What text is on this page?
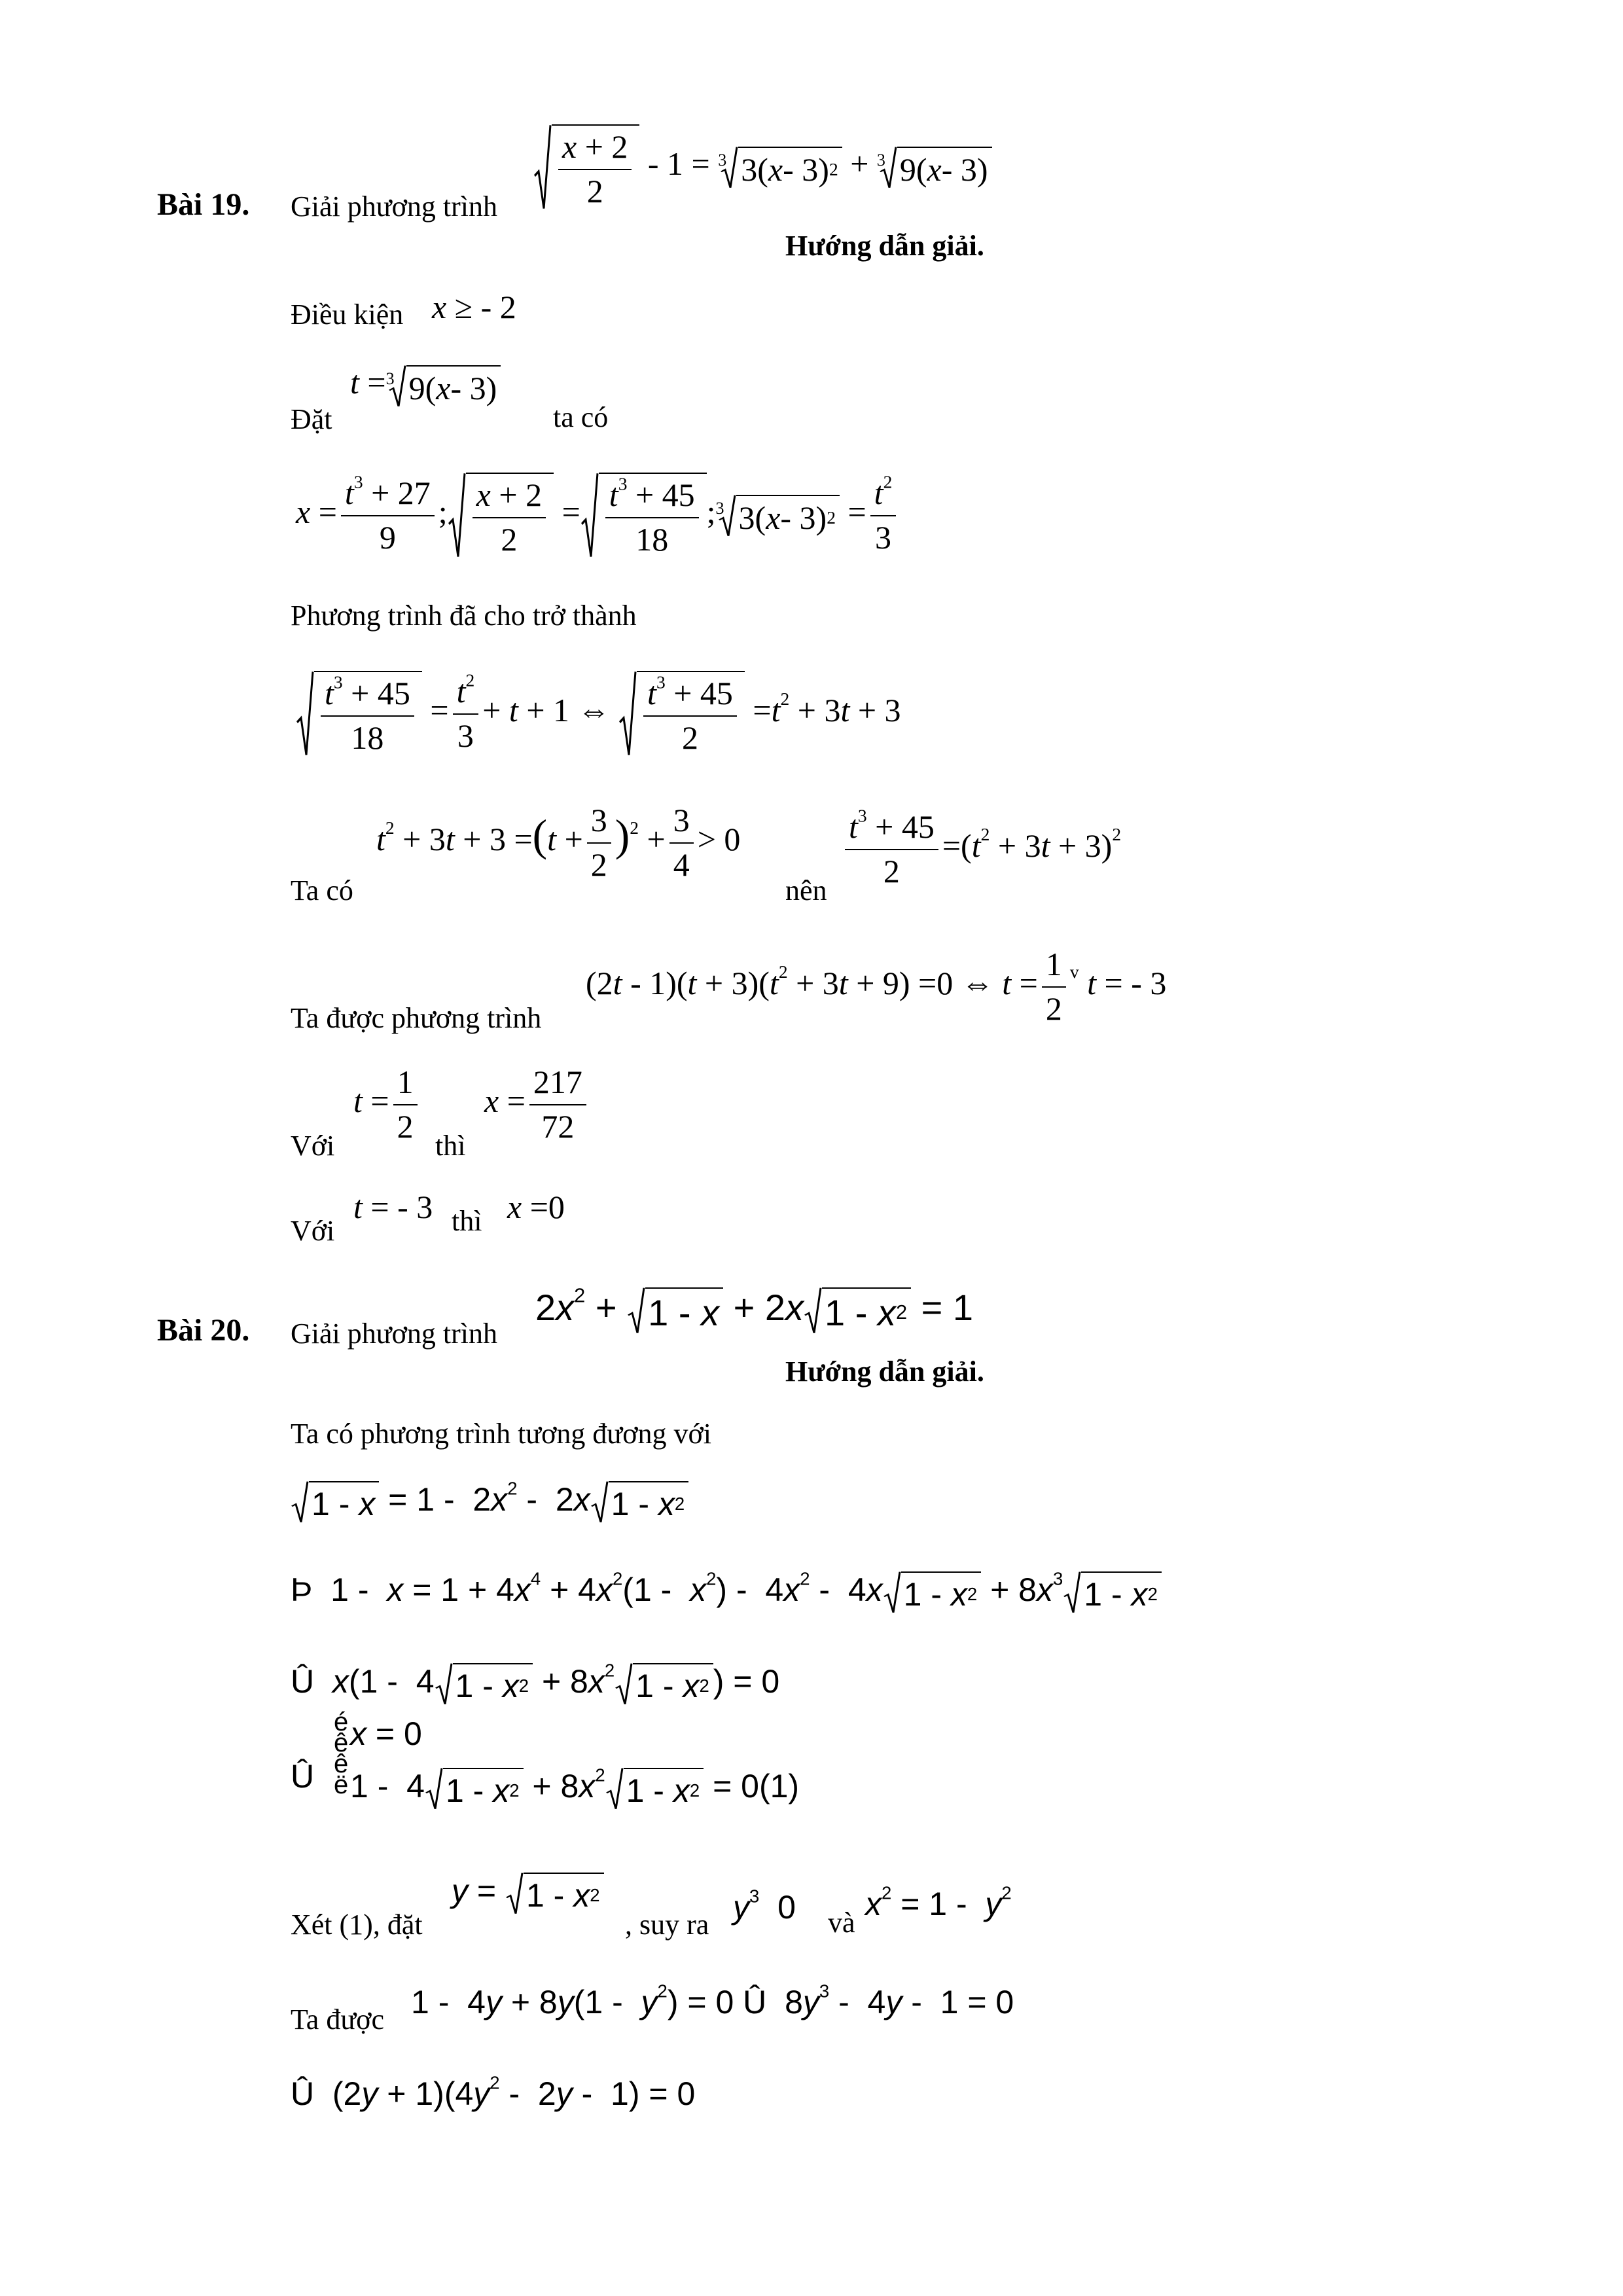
Bài 19. Giải phương trình $\frac{x + 2}{2} - 1 = 3$ 3( x - 3) 2 + 3 9( x - 3)
Hướng dẫn giải.
Điều kiện x ≥ - 2
Đặt
t = 3 9( x - 3)
ta có
$x = \frac{t^3 + 27}{9}$ ; $\frac{x + 2}{2} = \frac{t^3 + 45}{18}$ ; 3 3( x - 3) $2 = \frac{t^2}{3}$
Phương trình đã cho trở thành
$\frac{t^3 + 45}{18} = \frac{t^2}{3} + t + 1$ ⇔ $\frac{t^3 + 45}{2} =t^2 + 3t + 3$
Ta có
$t^2 + 3t + 3 =(t + \frac{3}{2} )^2 + \frac{3}{4} > 0$
nên
$\frac{t^3 + 45}{2} =(t^2 + 3t + 3)^2$
Ta được phương trình
$(2t - 1)(t + 3)(t^2 + 3t + 9) =0$ ⇔ $t = \frac{1}{2} ^v$ t = - 3
Với
$t = \frac{1}{2}$
thì
$x = \frac{217}{72}$
Với
t = - 3 thì x =0
Bài 20. Giải phương trình
$2x^2 + 1 - x + 2x$ 1 - x 2 = 1
Hướng dẫn giải.
Ta có phương trình tương đương với
$1 - x = 1 - 2x^2 - 2x$ 1 - x 2
Þ  $1 - x = 1 + 4x^4 + 4x^2(1 - x^2) - 4x^2 - 4x$ 1 - x $2 + 8x^3$ 1 - x 2
Û x(1 -  4 1 - x $2 + 8x^2$ 1 - x 2 ) = 0
Û
é
ê
ê
ë
x = 0
1 -  4 1 - x $2 + 8x^2$ 1 - x 2 = 0(1)
Xét (1), đặt
y = 1 - x 2
, suy ra $y^3$  0 và
$x^2 = 1 - y^2$
Ta được $1 - 4y + 8y(1 - y^2) = 0$ Û  $8y^3 - 4y - 1 = 0$
Û  $(2y + 1)(4y^2 - 2y - 1) = 0$
